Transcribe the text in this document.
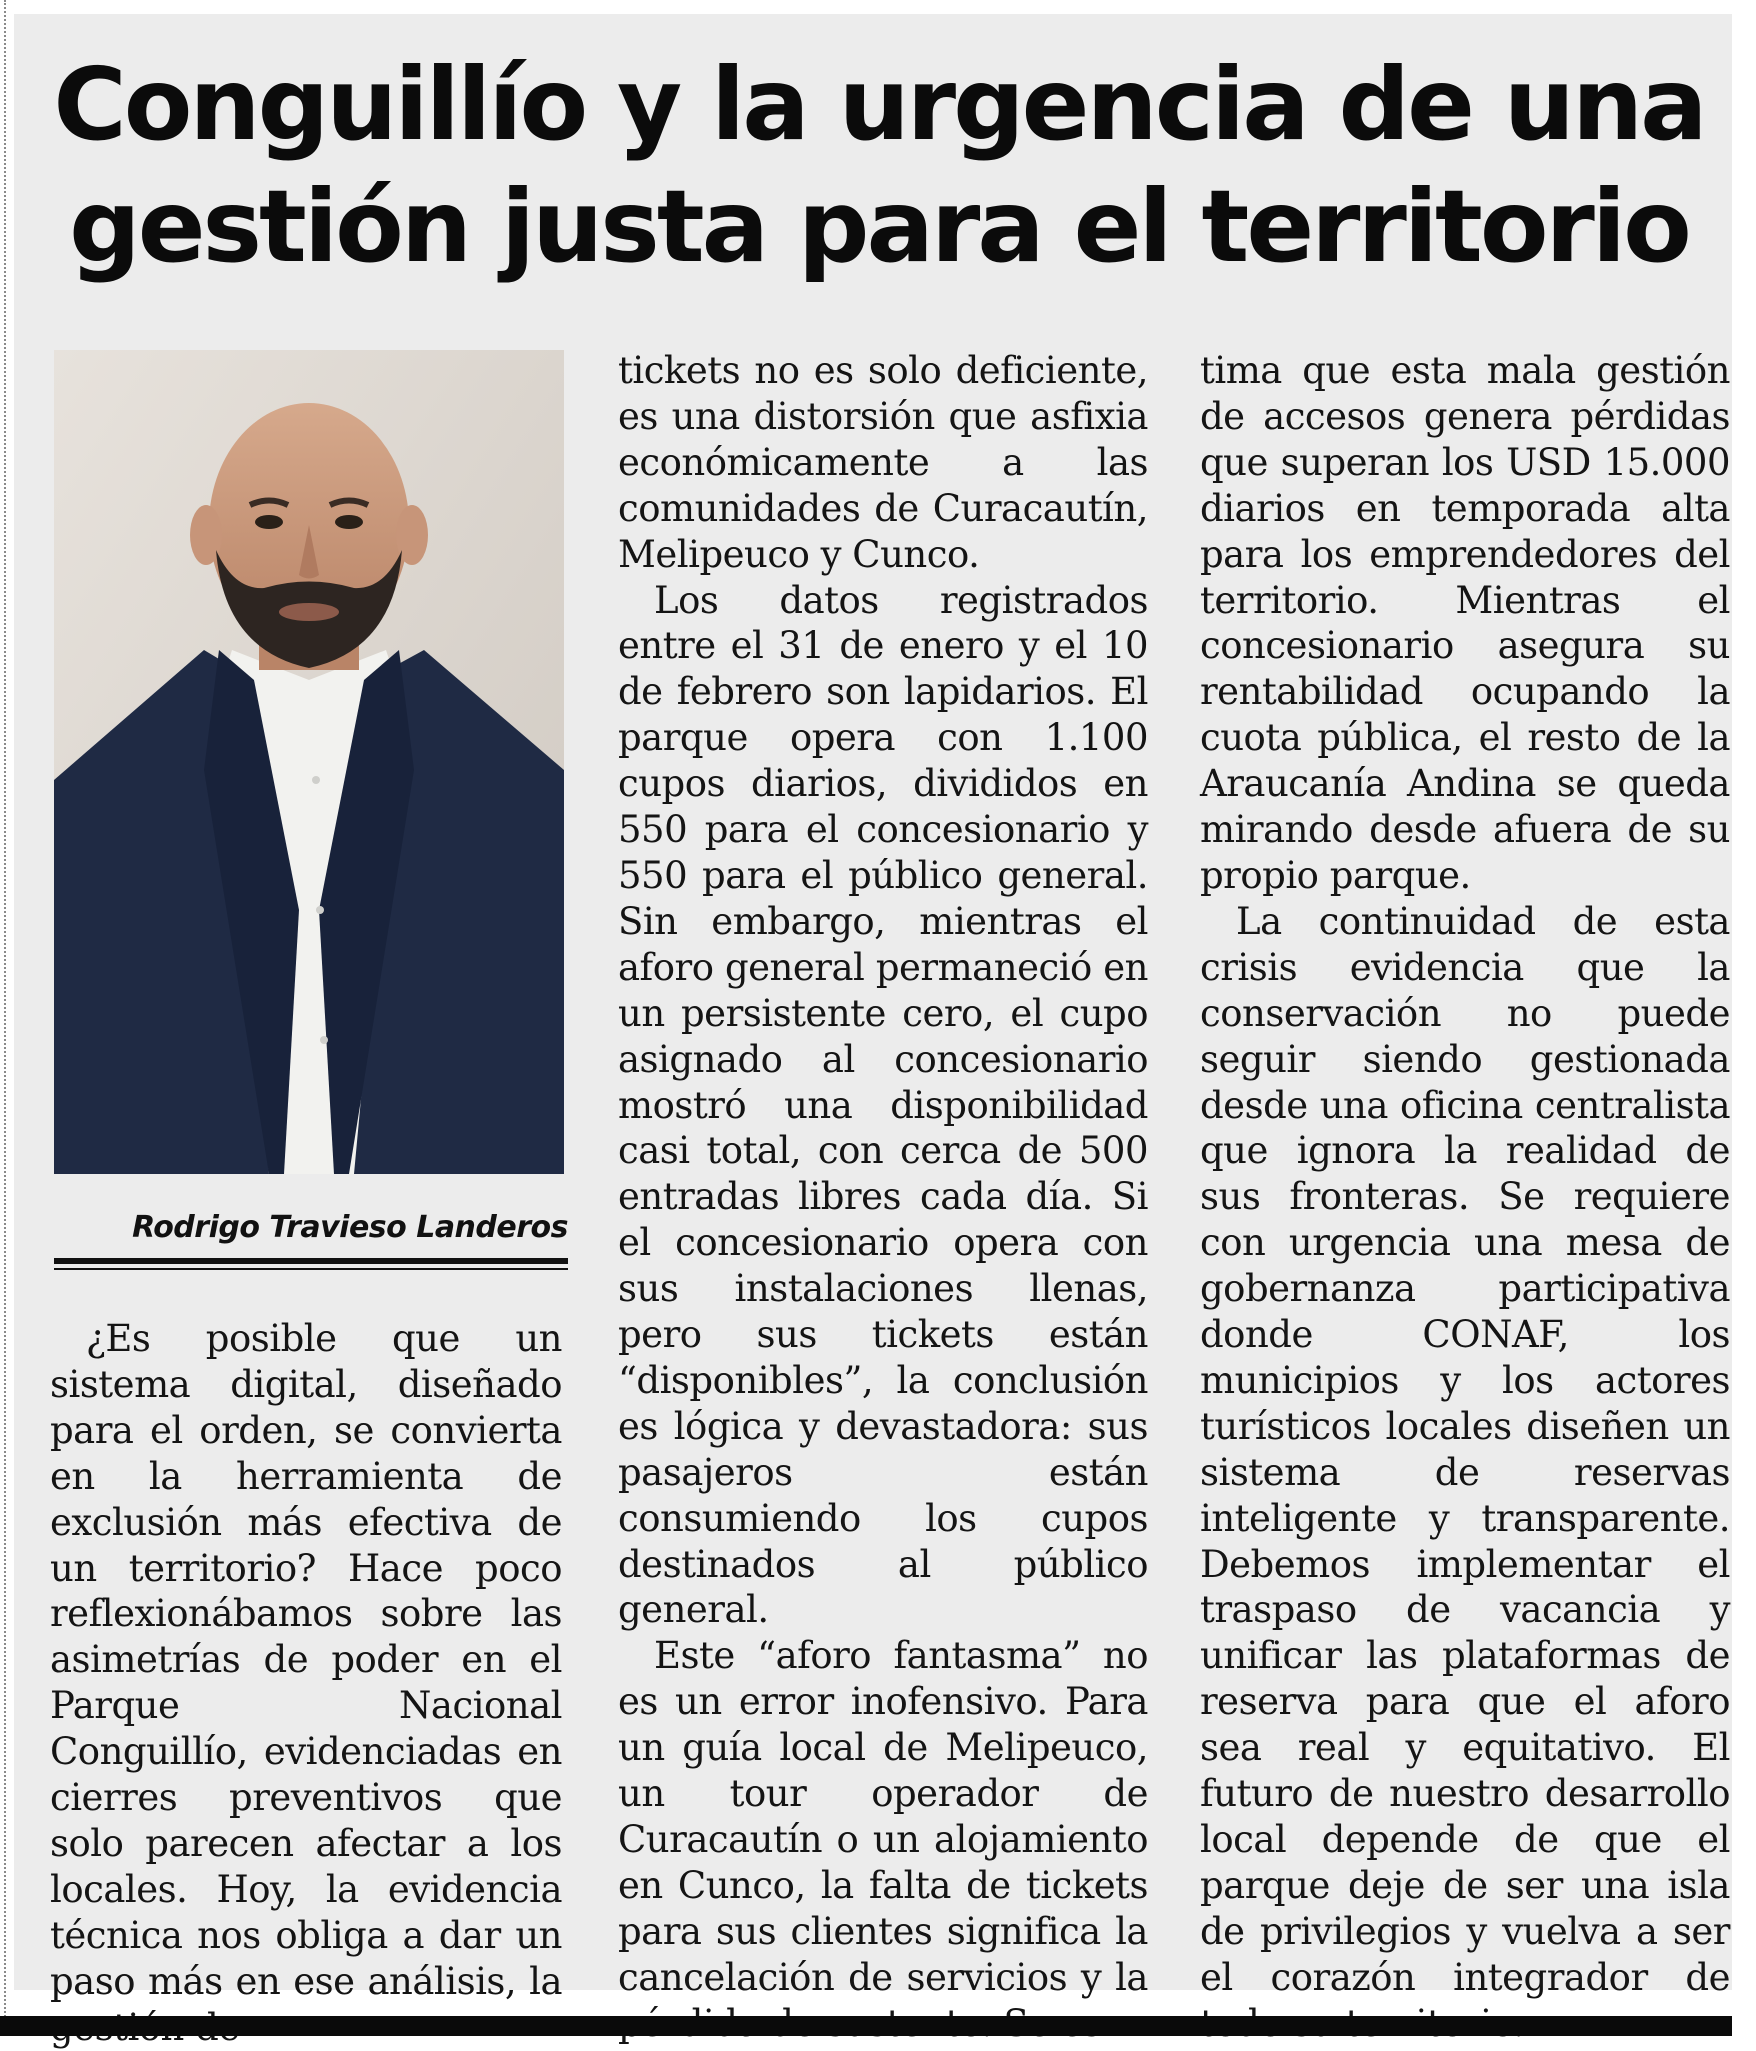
Conguillío y la urgencia de una gestión justa para el territorio
Rodrigo Travieso Landeros

¿Es posible que un sistema digital, diseñado para el orden, se convierta en la herramienta de exclusión más efectiva de un territorio? Hace poco reflexionábamos sobre las asimetrías de poder en el Parque Nacional Conguillío, evidenciadas en cierres preventivos que solo parecen afectar a los locales. Hoy, la evidencia técnica nos obliga a dar un paso más en ese análisis, la

tickets no es solo deficiente, es una distorsión que asfixia económicamente a las comunidades de Curacautín, Melipeuco y Cunco.

Los datos registrados entre el 31 de enero y el 10 de febrero son lapidarios. El parque opera con 1.100 cupos diarios, divididos en 550 para el concesionario y 550 para el público general. Sin embargo, mientras el aforo general permaneció en un persistente cero, el cupo asignado al concesionario mostró una disponibilidad casi total, con cerca de 500 entradas libres cada día. Si el concesionario opera con sus instalaciones llenas, pero sus tickets están “disponibles”, la conclusión es lógica y devastadora: sus pasajeros están consumiendo los cupos destinados al público general.

Este “aforo fantasma” no es un error inofensivo. Para un guía local de Melipeuco, un tour operador de Curacautín o un alojamiento en Cunco, la falta de tickets para sus clientes significa la cancelación de servicios y la

tima que esta mala gestión de accesos genera pérdidas que superan los USD 15.000 diarios en temporada alta para los emprendedores del territorio. Mientras el concesionario asegura su rentabilidad ocupando la cuota pública, el resto de la Araucanía Andina se queda mirando desde afuera de su propio parque.

La continuidad de esta crisis evidencia que la conservación no puede seguir siendo gestionada desde una oficina centralista que ignora la realidad de sus fronteras. Se requiere con urgencia una mesa de gobernanza participativa donde CONAF, los municipios y los actores turísticos locales diseñen un sistema de reservas inteligente y transparente. Debemos implementar el traspaso de vacancia y unificar las plataformas de reserva para que el aforo sea real y equitativo. El futuro de nuestro desarrollo local depende de que el parque deje de ser una isla de privilegios y vuelva a ser el corazón integrador de
